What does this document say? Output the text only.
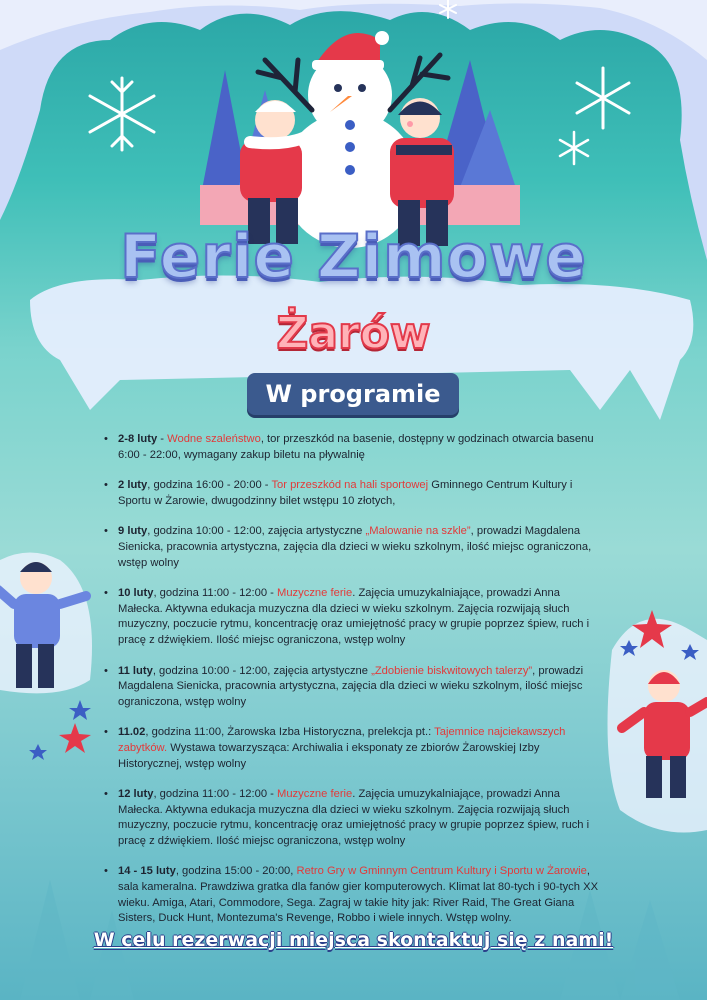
Ferie Zimowe
Żarów
W programie
• 2-8 luty - Wodne szaleństwo, tor przeszkód na basenie, dostępny w godzinach otwarcia basenu 6:00 - 22:00, wymagany zakup biletu na pływalnię
• 2 luty, godzina 16:00 - 20:00 - Tor przeszkód na hali sportowej Gminnego Centrum Kultury i Sportu w Żarowie, dwugodzinny bilet wstępu 10 złotych,
• 9 luty, godzina 10:00 - 12:00, zajęcia artystyczne „Malowanie na szkle”, prowadzi Magdalena Sienicka, pracownia artystyczna, zajęcia dla dzieci w wieku szkolnym, ilość miejsc ograniczona, wstęp wolny
• 10 luty, godzina 11:00 - 12:00 - Muzyczne ferie. Zajęcia umuzykalniające, prowadzi Anna Małecka. Aktywna edukacja muzyczna dla dzieci w wieku szkolnym. Zajęcia rozwijają słuch muzyczny, poczucie rytmu, koncentrację oraz umiejętność pracy w grupie poprzez śpiew, ruch i pracę z dźwiękiem. Ilość miejsc ograniczona, wstęp wolny
• 11 luty, godzina 10:00 - 12:00, zajęcia artystyczne „Zdobienie biskwitowych talerzy”, prowadzi Magdalena Sienicka, pracownia artystyczna, zajęcia dla dzieci w wieku szkolnym, ilość miejsc ograniczona, wstęp wolny
• 11.02, godzina 11:00, Żarowska Izba Historyczna, prelekcja pt.: Tajemnice najciekawszych zabytków. Wystawa towarzysząca: Archiwalia i eksponaty ze zbiorów Żarowskiej Izby Historycznej, wstęp wolny
• 12 luty, godzina 11:00 - 12:00 - Muzyczne ferie. Zajęcia umuzykalniające, prowadzi Anna Małecka. Aktywna edukacja muzyczna dla dzieci w wieku szkolnym. Zajęcia rozwijają słuch muzyczny, poczucie rytmu, koncentrację oraz umiejętność pracy w grupie poprzez śpiew, ruch i pracę z dźwiękiem. Ilość miejsc ograniczona, wstęp wolny
• 14 - 15 luty, godzina 15:00 - 20:00, Retro Gry w Gminnym Centrum Kultury i Sportu w Żarowie, sala kameralna. Prawdziwa gratka dla fanów gier komputerowych. Klimat lat 80-tych i 90-tych XX wieku. Amiga, Atari, Commodore, Sega. Zagraj w takie hity jak: River Raid, The Great Giana Sisters, Duck Hunt, Montezuma's Revenge, Robbo i wiele innych. Wstęp wolny.
W celu rezerwacji miejsca skontaktuj się z nami!
